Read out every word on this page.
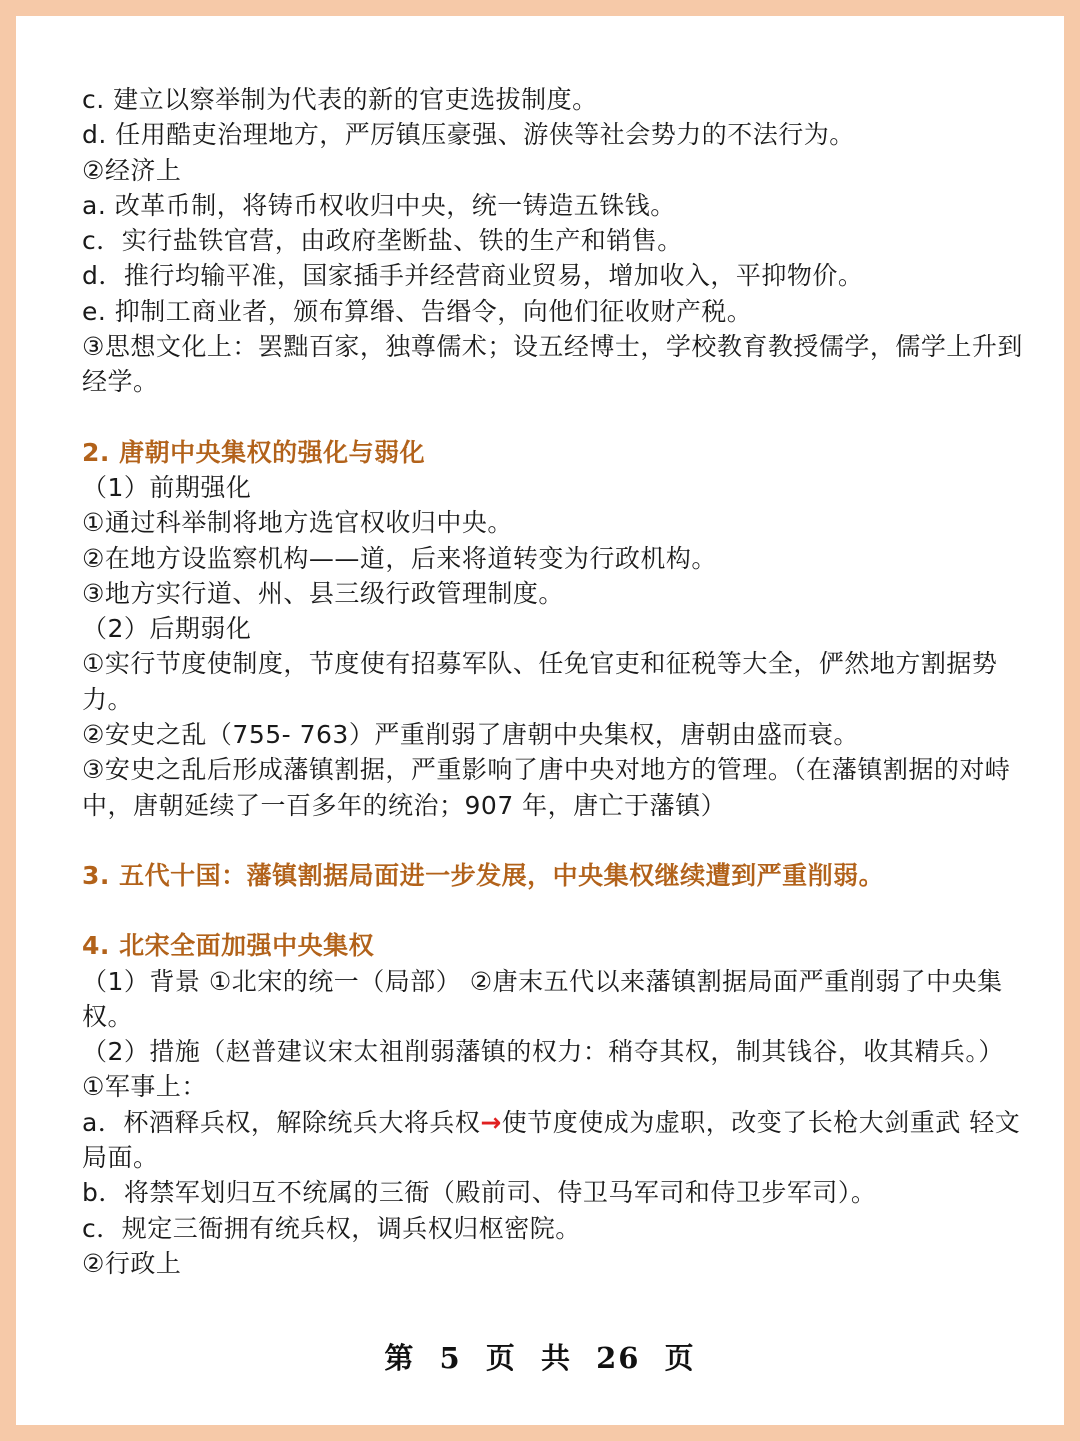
c. 建立以察举制为代表的新的官吏选拔制度。
d. 任用酷吏治理地方，严厉镇压豪强、游侠等社会势力的不法行为。
②经济上
a. 改革币制，将铸币权收归中央，统一铸造五铢钱。
c．实行盐铁官营，由政府垄断盐、铁的生产和销售。
d．推行均输平准，国家插手并经营商业贸易，增加收入，平抑物价。
e. 抑制工商业者，颁布算缗、告缗令，向他们征收财产税。
③思想文化上：罢黜百家，独尊儒术；设五经博士，学校教育教授儒学，儒学上升到经学。
2. 唐朝中央集权的强化与弱化
（1）前期强化
①通过科举制将地方选官权收归中央。
②在地方设监察机构——道，后来将道转变为行政机构。
③地方实行道、州、县三级行政管理制度。
（2）后期弱化
①实行节度使制度，节度使有招募军队、任免官吏和征税等大全，俨然地方割据势力。
②安史之乱（755- 763）严重削弱了唐朝中央集权，唐朝由盛而衰。
③安史之乱后形成藩镇割据，严重影响了唐中央对地方的管理。（在藩镇割据的对峙中，唐朝延续了一百多年的统治；907 年，唐亡于藩镇）
3. 五代十国：藩镇割据局面进一步发展，中央集权继续遭到严重削弱。
4. 北宋全面加强中央集权
（1）背景 ①北宋的统一（局部） ②唐末五代以来藩镇割据局面严重削弱了中央集权。
（2）措施（赵普建议宋太祖削弱藩镇的权力：稍夺其权，制其钱谷，收其精兵。）
①军事上：
a．杯酒释兵权，解除统兵大将兵权→使节度使成为虚职，改变了长枪大剑重武 轻文局面。
b．将禁军划归互不统属的三衙（殿前司、侍卫马军司和侍卫步军司）。
c．规定三衙拥有统兵权，调兵权归枢密院。
②行政上
第 5 页 共 26 页
